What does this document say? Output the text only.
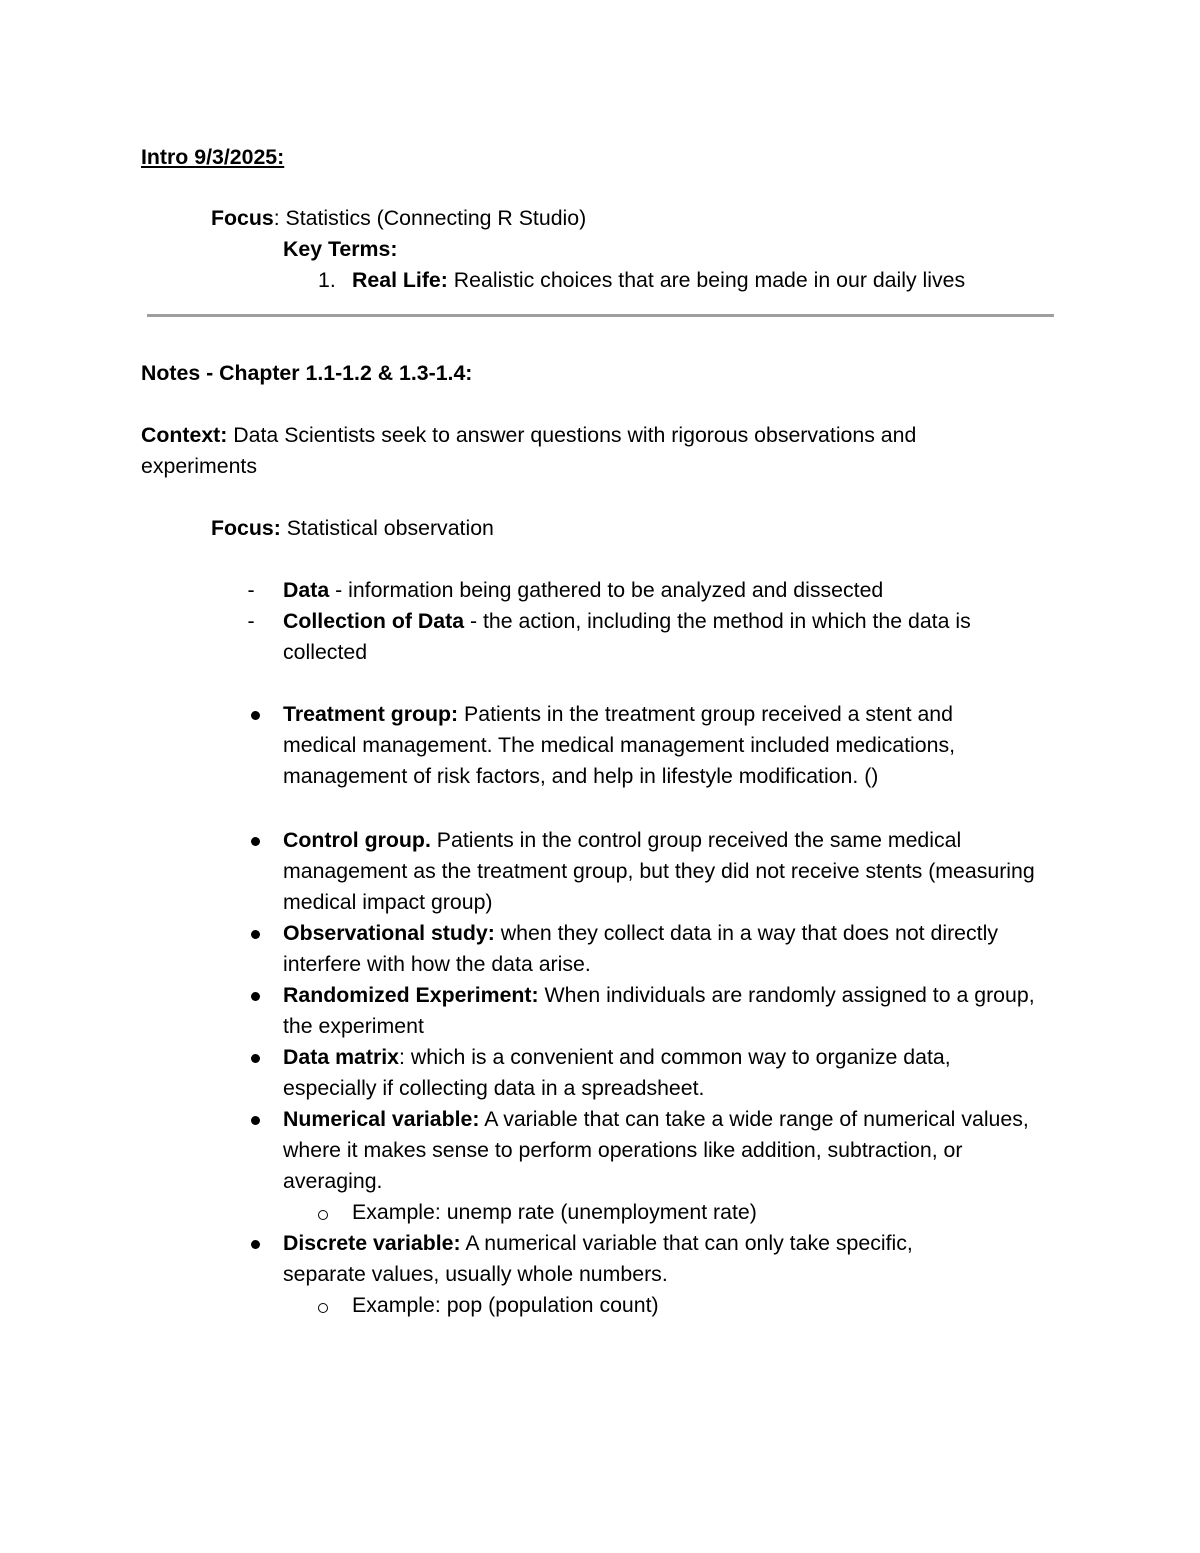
Intro 9/3/2025:
Focus: Statistics (Connecting R Studio)
Key Terms:
1. Real Life: Realistic choices that are being made in our daily lives
Notes - Chapter 1.1-1.2 & 1.3-1.4:
Context: Data Scientists seek to answer questions with rigorous observations and
experiments
Focus: Statistical observation
- Data - information being gathered to be analyzed and dissected
- Collection of Data - the action, including the method in which the data is collected
Treatment group: Patients in the treatment group received a stent and medical management. The medical management included medications, management of risk factors, and help in lifestyle modification. ()
Control group. Patients in the control group received the same medical management as the treatment group, but they did not receive stents (measuring medical impact group)
Observational study: when they collect data in a way that does not directly interfere with how the data arise.
Randomized Experiment: When individuals are randomly assigned to a group, the experiment
Data matrix: which is a convenient and common way to organize data, especially if collecting data in a spreadsheet.
Numerical variable: A variable that can take a wide range of numerical values, where it makes sense to perform operations like addition, subtraction, or averaging.
Example: unemp rate (unemployment rate)
Discrete variable: A numerical variable that can only take specific, separate values, usually whole numbers.
Example: pop (population count)
